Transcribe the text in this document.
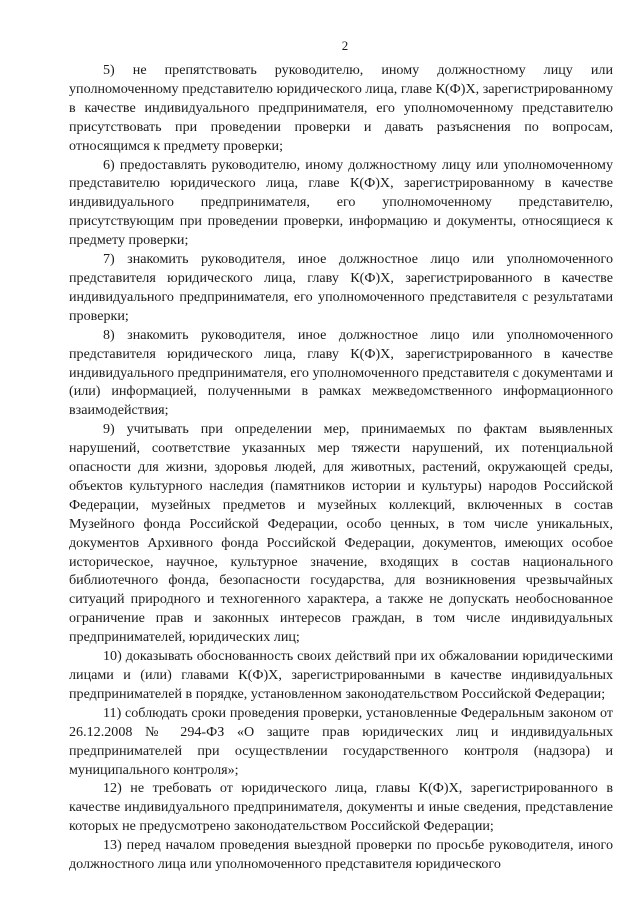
2

5) не препятствовать руководителю, иному должностному лицу или уполномоченному представителю юридического лица, главе К(Ф)Х, зарегистрированному в качестве индивидуального предпринимателя, его уполномоченному представителю присутствовать при проведении проверки и давать разъяснения по вопросам, относящимся к предмету проверки;

6) предоставлять руководителю, иному должностному лицу или уполномоченному представителю юридического лица, главе К(Ф)Х, зарегистрированному в качестве индивидуального предпринимателя, его уполномоченному представителю, присутствующим при проведении проверки, информацию и документы, относящиеся к предмету проверки;

7) знакомить руководителя, иное должностное лицо или уполномоченного представителя юридического лица, главу К(Ф)Х, зарегистрированного в качестве индивидуального предпринимателя, его уполномоченного представителя с результатами проверки;

8) знакомить руководителя, иное должностное лицо или уполномоченного представителя юридического лица, главу К(Ф)Х, зарегистрированного в качестве индивидуального предпринимателя, его уполномоченного представителя с документами и (или) информацией, полученными в рамках межведомственного информационного взаимодействия;

9) учитывать при определении мер, принимаемых по фактам выявленных нарушений, соответствие указанных мер тяжести нарушений, их потенциальной опасности для жизни, здоровья людей, для животных, растений, окружающей среды, объектов культурного наследия (памятников истории и культуры) народов Российской Федерации, музейных предметов и музейных коллекций, включенных в состав Музейного фонда Российской Федерации, особо ценных, в том числе уникальных, документов Архивного фонда Российской Федерации, документов, имеющих особое историческое, научное, культурное значение, входящих в состав национального библиотечного фонда, безопасности государства, для возникновения чрезвычайных ситуаций природного и техногенного характера, а также не допускать необоснованное ограничение прав и законных интересов граждан, в том числе индивидуальных предпринимателей, юридических лиц;

10) доказывать обоснованность своих действий при их обжаловании юридическими лицами и (или) главами К(Ф)Х, зарегистрированными в качестве индивидуальных предпринимателей в порядке, установленном законодательством Российской Федерации;

11) соблюдать сроки проведения проверки, установленные Федеральным законом от 26.12.2008 № 294-ФЗ «О защите прав юридических лиц и индивидуальных предпринимателей при осуществлении государственного контроля (надзора) и муниципального контроля»;

12) не требовать от юридического лица, главы К(Ф)Х, зарегистрированного в качестве индивидуального предпринимателя, документы и иные сведения, представление которых не предусмотрено законодательством Российской Федерации;

13) перед началом проведения выездной проверки по просьбе руководителя, иного должностного лица или уполномоченного представителя юридического
